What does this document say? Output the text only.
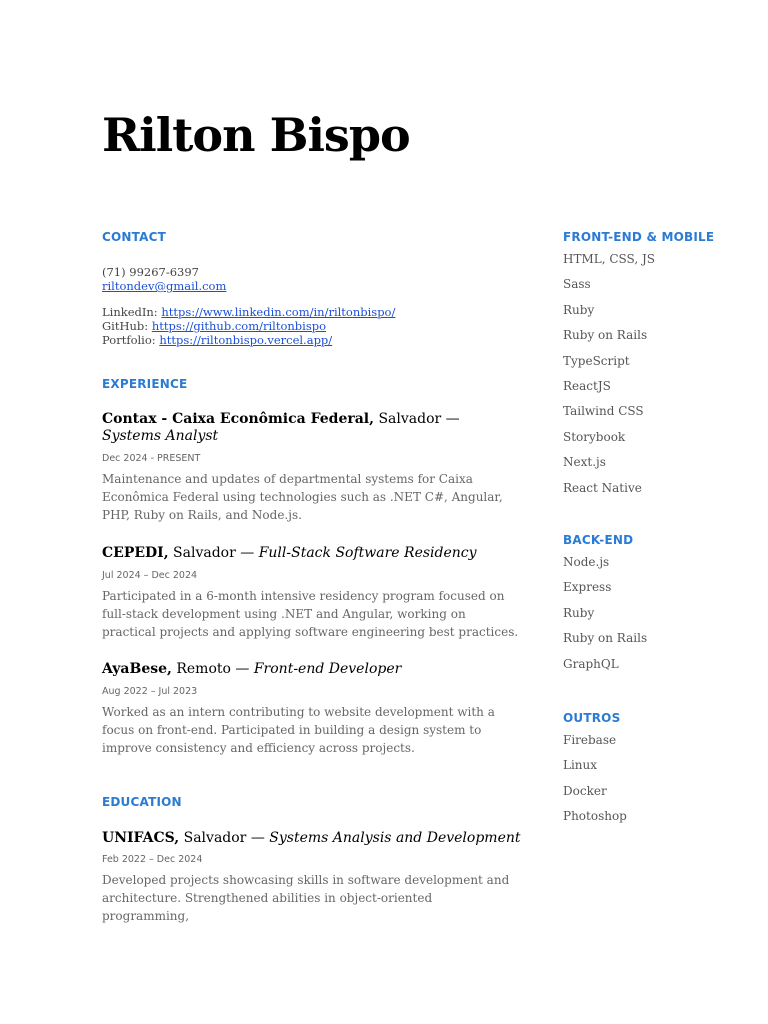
Rilton Bispo
CONTACT

(71) 99267-6397

riltondev@gmail.com

LinkedIn: https://www.linkedin.com/in/riltonbispo/

GitHub: https://github.com/riltonbispo

Portfolio: https://riltonbispo.vercel.app/

EXPERIENCE

Contax - Caixa Econômica Federal, Salvador — Systems Analyst

Dec 2024 - PRESENT

Maintenance and updates of departmental systems for Caixa Econômica Federal using technologies such as .NET C#, Angular, PHP, Ruby on Rails, and Node.js.

CEPEDI, Salvador — Full-Stack Software Residency

Jul 2024 – Dec 2024

Participated in a 6-month intensive residency program focused on full-stack development using .NET and Angular, working on practical projects and applying software engineering best practices.

AyaBese, Remoto — Front-end Developer

Aug 2022 – Jul 2023

Worked as an intern contributing to website development with a focus on front-end. Participated in building a design system to improve consistency and efficiency across projects.

EDUCATION

UNIFACS, Salvador — Systems Analysis and Development

Feb 2022 – Dec 2024

Developed projects showcasing skills in software development and architecture. Strengthened abilities in object-oriented programming,

FRONT-END & MOBILE
HTML, CSS, JS
Sass
Ruby
Ruby on Rails
TypeScript
ReactJS
Tailwind CSS
Storybook
Next.js
React Native
BACK-END
Node.js
Express
Ruby
Ruby on Rails
GraphQL
OUTROS
Firebase
Linux
Docker
Photoshop
